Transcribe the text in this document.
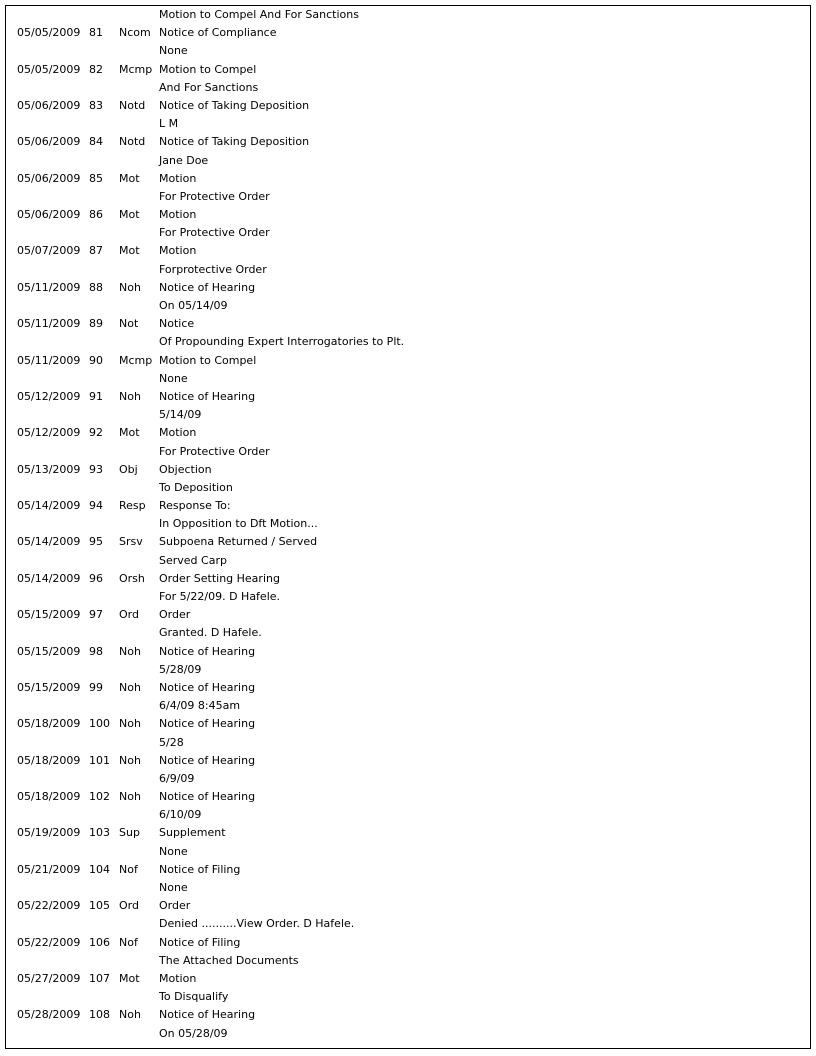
Motion to Compel And For Sanctions
05/05/2009 81 Ncom Notice of Compliance
None
05/05/2009 82 Mcmp Motion to Compel
And For Sanctions
05/06/2009 83 Notd Notice of Taking Deposition
L M
05/06/2009 84 Notd Notice of Taking Deposition
Jane Doe
05/06/2009 85 Mot Motion
For Protective Order
05/06/2009 86 Mot Motion
For Protective Order
05/07/2009 87 Mot Motion
Forprotective Order
05/11/2009 88 Noh Notice of Hearing
On 05/14/09
05/11/2009 89 Not Notice
Of Propounding Expert Interrogatories to Plt.
05/11/2009 90 Mcmp Motion to Compel
None
05/12/2009 91 Noh Notice of Hearing
5/14/09
05/12/2009 92 Mot Motion
For Protective Order
05/13/2009 93 Obj Objection
To Deposition
05/14/2009 94 Resp Response To:
In Opposition to Dft Motion...
05/14/2009 95 Srsv Subpoena Returned / Served
Served Carp
05/14/2009 96 Orsh Order Setting Hearing
For 5/22/09. D Hafele.
05/15/2009 97 Ord Order
Granted. D Hafele.
05/15/2009 98 Noh Notice of Hearing
5/28/09
05/15/2009 99 Noh Notice of Hearing
6/4/09 8:45am
05/18/2009 100 Noh Notice of Hearing
5/28
05/18/2009 101 Noh Notice of Hearing
6/9/09
05/18/2009 102 Noh Notice of Hearing
6/10/09
05/19/2009 103 Sup Supplement
None
05/21/2009 104 Nof Notice of Filing
None
05/22/2009 105 Ord Order
Denied ..........View Order. D Hafele.
05/22/2009 106 Nof Notice of Filing
The Attached Documents
05/27/2009 107 Mot Motion
To Disqualify
05/28/2009 108 Noh Notice of Hearing
On 05/28/09
